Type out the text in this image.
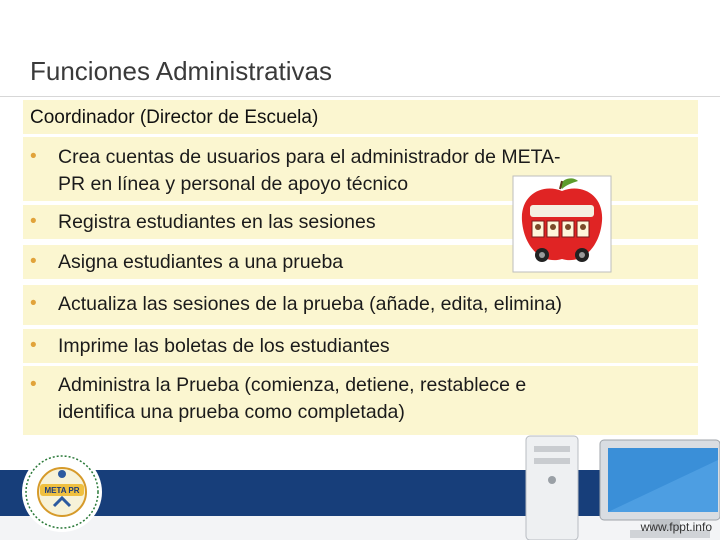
Funciones Administrativas
Coordinador (Director de Escuela)
• Crea cuentas de usuarios para el administrador de META-
PR en línea y personal de apoyo técnico
• Registra estudiantes en las sesiones
• Asigna estudiantes a una prueba
• Actualiza las sesiones de la prueba (añade, edita, elimina)
• Imprime las boletas de los estudiantes
• Administra la Prueba (comienza, detiene, restablece e
identifica una prueba como completada)
META PR
www.fppt.info
